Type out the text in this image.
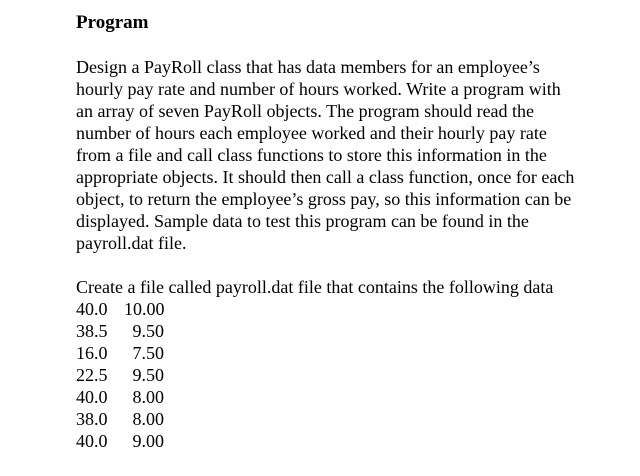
Program

Design a PayRoll class that has data members for an employee’s hourly pay rate and number of hours worked. Write a program with an array of seven PayRoll objects. The program should read the number of hours each employee worked and their hourly pay rate from a file and call class functions to store this information in the appropriate objects. It should then call a class function, once for each object, to return the employee’s gross pay, so this information can be displayed. Sample data to test this program can be found in the payroll.dat file.

Create a file called payroll.dat file that contains the following data

40.0 10.00
38.5	9.50
16.0	7.50
22.5	9.50
40.0	8.00
38.0	8.00
40.0	9.00
